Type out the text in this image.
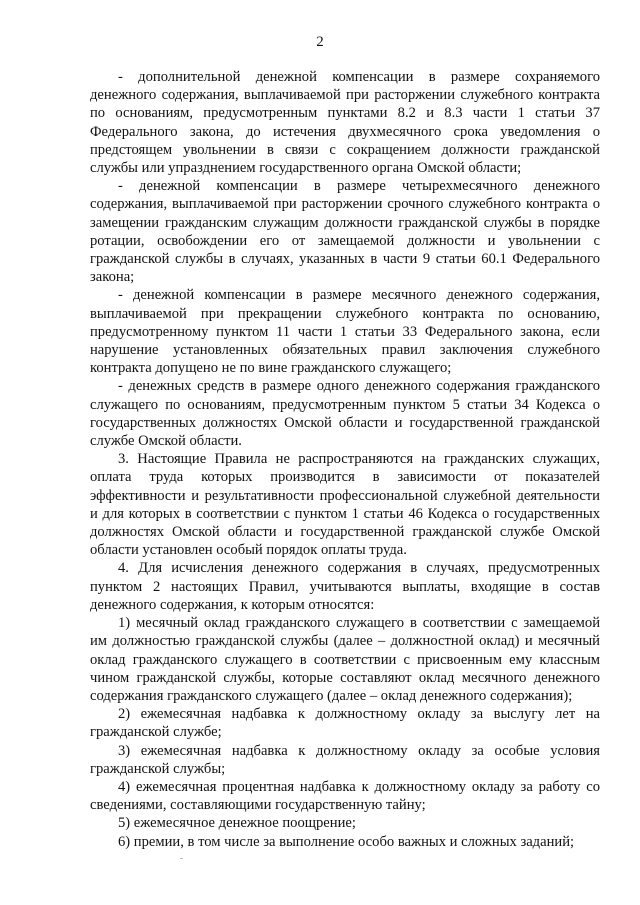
2

- дополнительной денежной компенсации в размере сохраняемого денежного содержания, выплачиваемой при расторжении служебного контракта по основаниям, предусмотренным пунктами 8.2 и 8.3 части 1 статьи 37 Федерального закона, до истечения двухмесячного срока уведомления о предстоящем увольнении в связи с сокращением должности гражданской службы или упразднением государственного органа Омской области;

- денежной компенсации в размере четырехмесячного денежного содержания, выплачиваемой при расторжении срочного служебного контракта о замещении гражданским служащим должности гражданской службы в порядке ротации, освобождении его от замещаемой должности и увольнении с гражданской службы в случаях, указанных в части 9 статьи 60.1 Федерального закона;

- денежной компенсации в размере месячного денежного содержания, выплачиваемой при прекращении служебного контракта по основанию, предусмотренному пунктом 11 части 1 статьи 33 Федерального закона, если нарушение установленных обязательных правил заключения служебного контракта допущено не по вине гражданского служащего;

- денежных средств в размере одного денежного содержания гражданского служащего по основаниям, предусмотренным пунктом 5 статьи 34 Кодекса о государственных должностях Омской области и государственной гражданской службе Омской области.

3. Настоящие Правила не распространяются на гражданских служащих, оплата труда которых производится в зависимости от показателей эффективности и результативности профессиональной служебной деятельности и для которых в соответствии с пунктом 1 статьи 46 Кодекса о государственных должностях Омской области и государственной гражданской службе Омской области установлен особый порядок оплаты труда.

4. Для исчисления денежного содержания в случаях, предусмотренных пунктом 2 настоящих Правил, учитываются выплаты, входящие в состав денежного содержания, к которым относятся:

1) месячный оклад гражданского служащего в соответствии с замещаемой им должностью гражданской службы (далее – должностной оклад) и месячный оклад гражданского служащего в соответствии с присвоенным ему классным чином гражданской службы, которые составляют оклад месячного денежного содержания гражданского служащего (далее – оклад денежного содержания);

2) ежемесячная надбавка к должностному окладу за выслугу лет на гражданской службе;

3) ежемесячная надбавка к должностному окладу за особые условия гражданской службы;

4) ежемесячная процентная надбавка к должностному окладу за работу со сведениями, составляющими государственную тайну;

5) ежемесячное денежное поощрение;

6) премии, в том числе за выполнение особо важных и сложных заданий;
